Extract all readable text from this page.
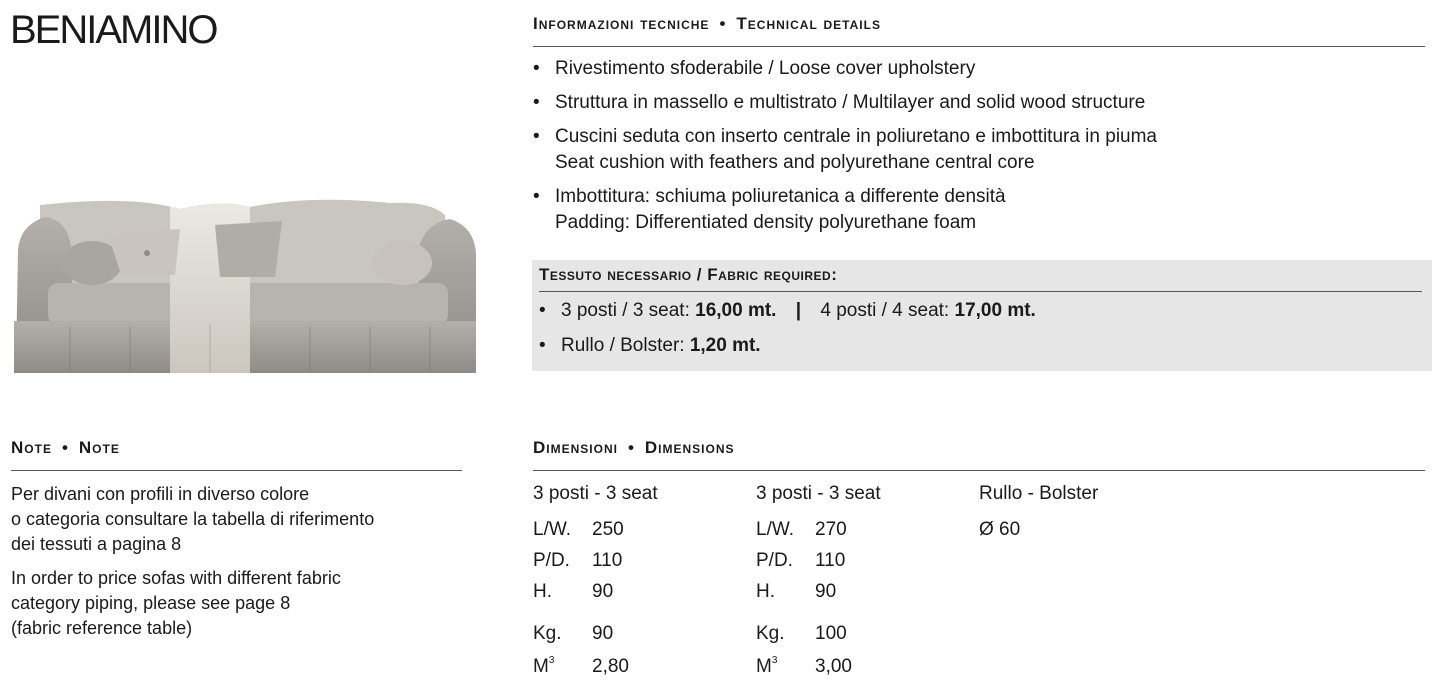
BENIAMINO	Informazioni tecniche • Technical details
• Rivestimento sfoderabile / Loose cover upholstery
• Struttura in massello e multistrato / Multilayer and solid wood structure
• Cuscini seduta con inserto centrale in poliuretano e imbottitura in piuma
Seat cushion with feathers and polyurethane central core
• Imbottitura: schiuma poliuretanica a differente densità
Padding: Differentiated density polyurethane foam
Tessuto necessario / Fabric required:
• 3 posti / 3 seat: 16,00 mt. | 4 posti / 4 seat: 17,00 mt.
• Rullo / Bolster: 1,20 mt.
Note • Note
Per divani con profili in diverso colore
o categoria consultare la tabella di riferimento
dei tessuti a pagina 8
In order to price sofas with different fabric
category piping, please see page 8
(fabric reference table)
Dimensioni • Dimensions
3 posti - 3 seat
L/W. 250
P/D. 110
H. 90
Kg. 90
$M^3$ 2,80
3 posti - 3 seat
L/W. 270
P/D. 110
H. 90
Kg. 100
$M^3$ 3,00
Rullo - Bolster
Ø 60
